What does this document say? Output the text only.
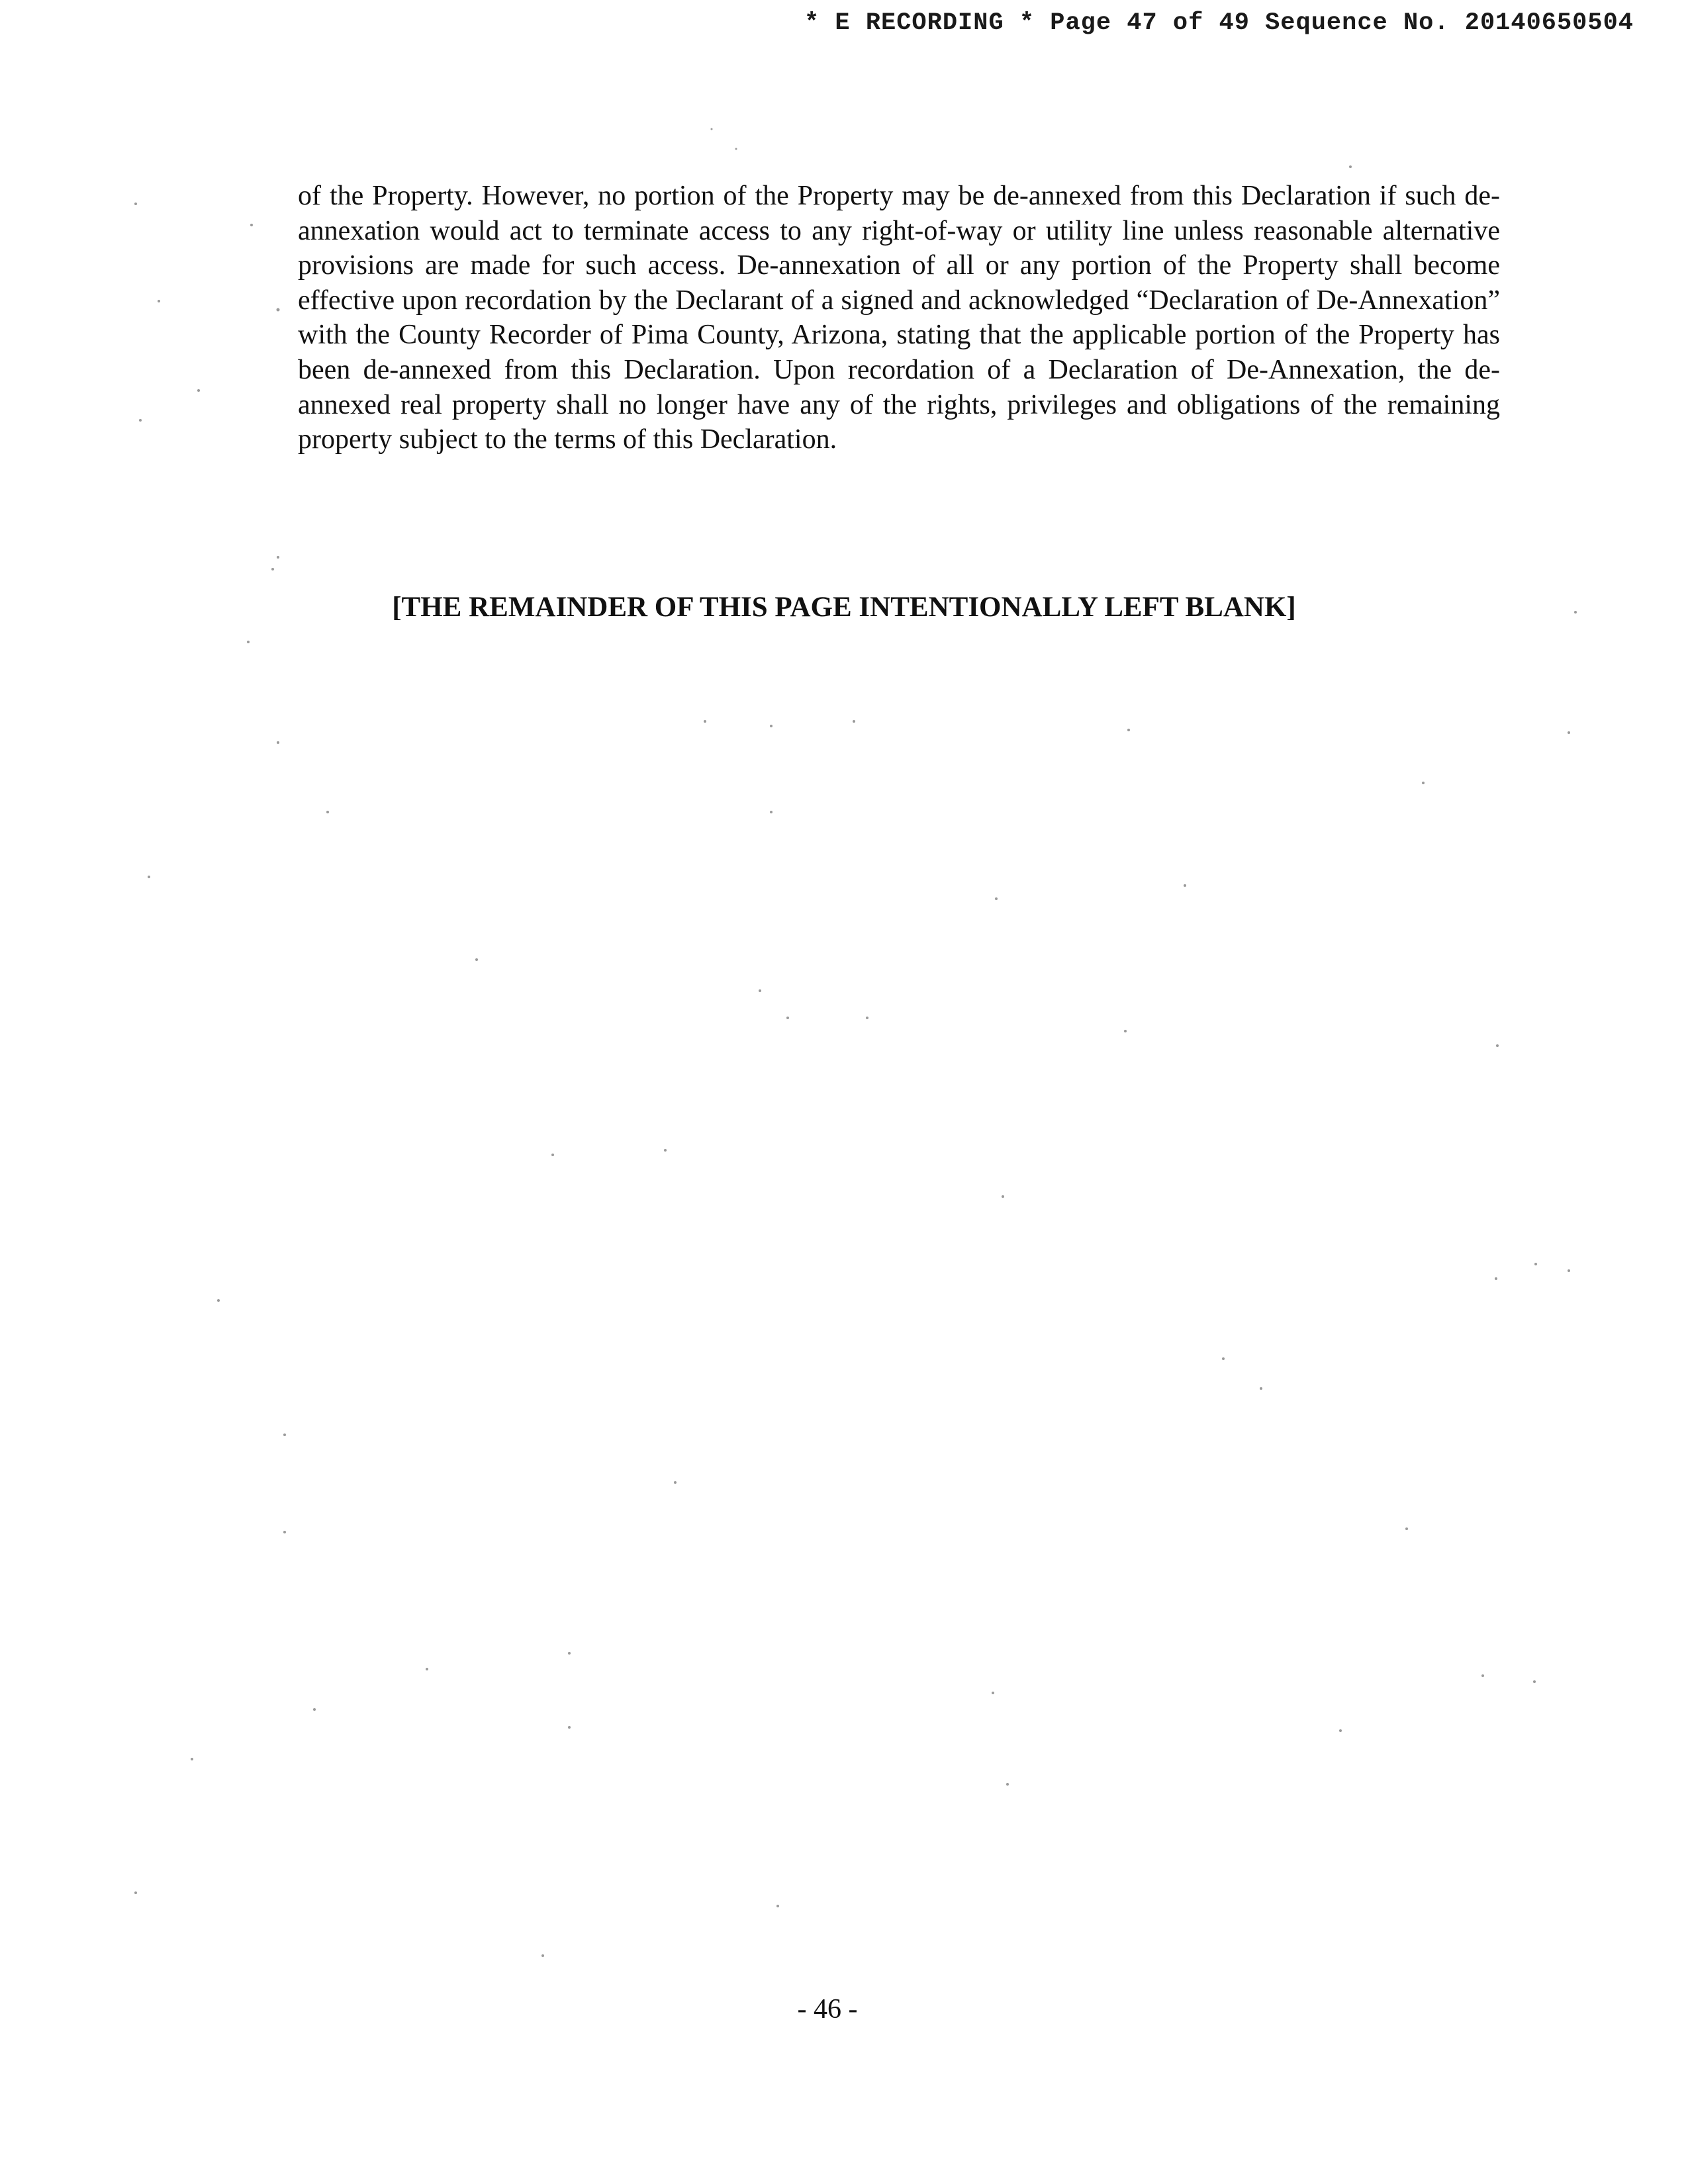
* E RECORDING * Page 47 of 49 Sequence No. 20140650504

of the Property. However, no portion of the Property may be de-annexed from this Declaration if such de-annexation would act to terminate access to any right-of-way or utility line unless reasonable alternative provisions are made for such access. De-annexation of all or any portion of the Property shall become effective upon recordation by the Declarant of a signed and acknowledged “Declaration of De-Annexation” with the County Recorder of Pima County, Arizona, stating that the applicable portion of the Property has been de-annexed from this Declaration. Upon recordation of a Declaration of De-Annexation, the de-annexed real property shall no longer have any of the rights, privileges and obligations of the remaining property subject to the terms of this Declaration.

[THE REMAINDER OF THIS PAGE INTENTIONALLY LEFT BLANK]

- 46 -
